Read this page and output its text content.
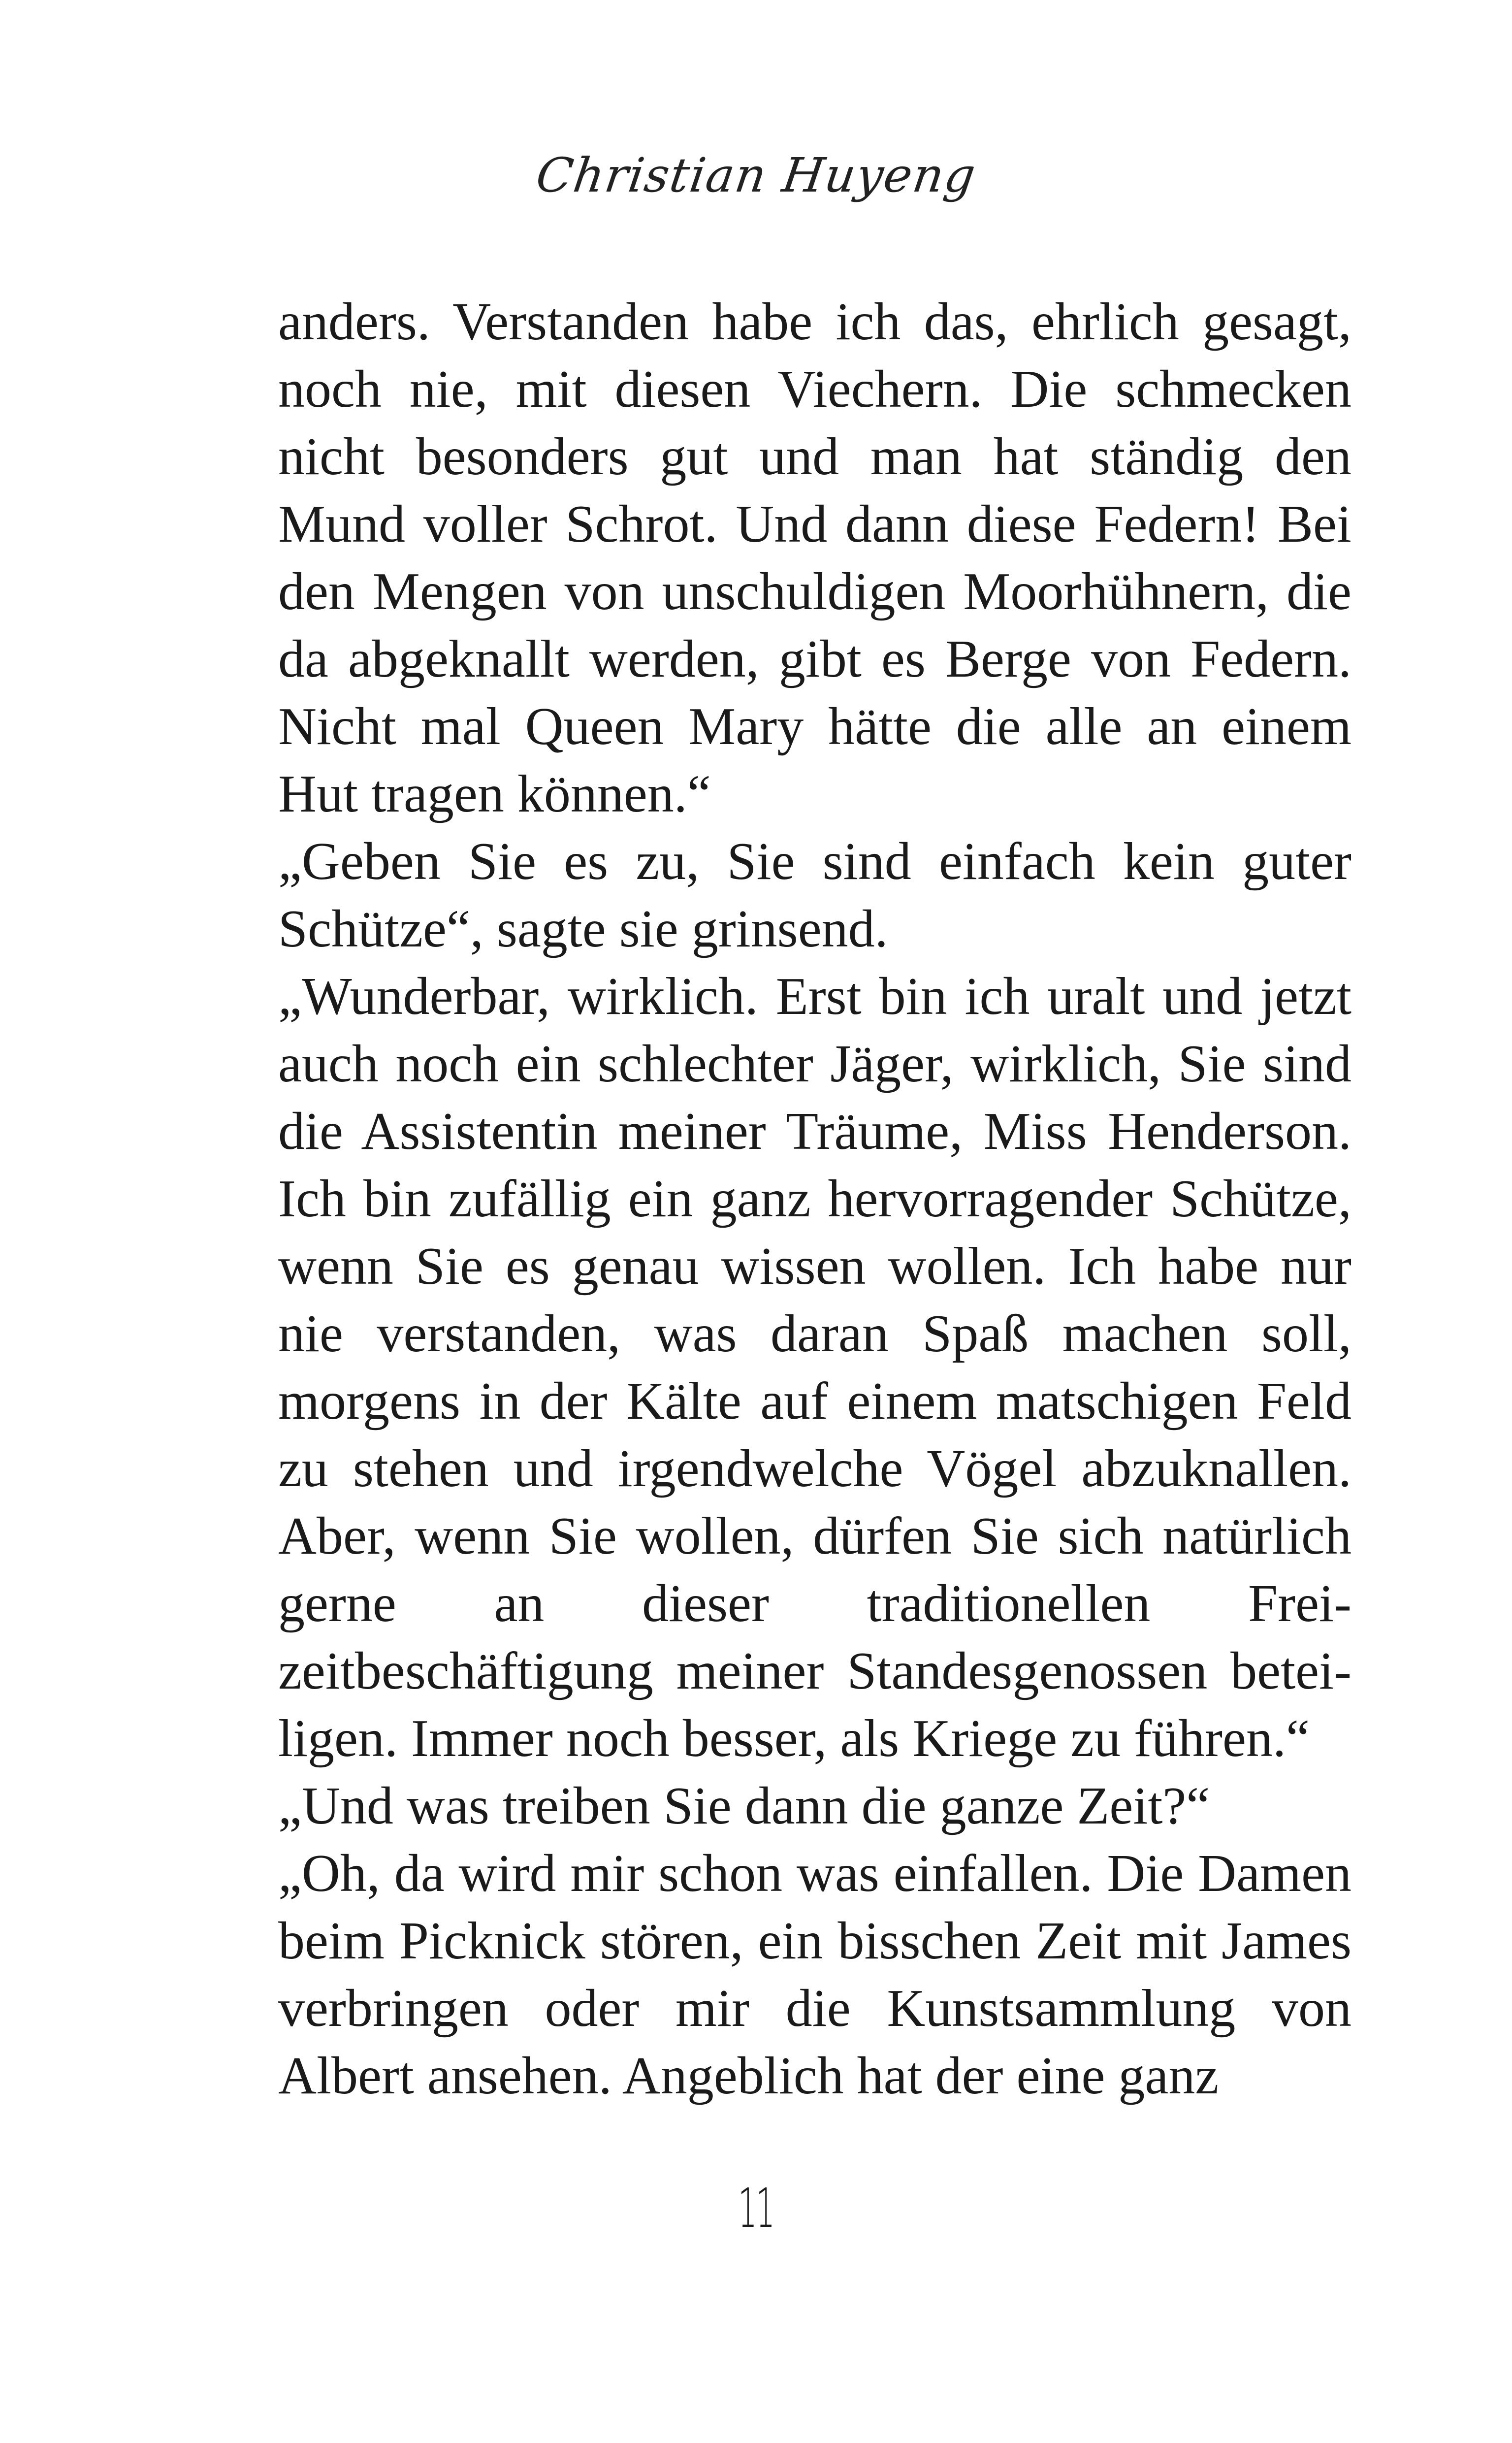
Christian Huyeng

anders. Verstanden habe ich das, ehrlich gesagt, noch nie, mit diesen Viechern. Die schmecken nicht besonders gut und man hat ständig den Mund voller Schrot. Und dann diese Federn! Bei den Mengen von unschuldigen Moorhühnern, die da abgeknallt werden, gibt es Berge von Federn. Nicht mal Queen Mary hätte die alle an einem Hut tragen können.“

„Geben Sie es zu, Sie sind einfach kein guter Schütze“, sagte sie grinsend.

„Wunderbar, wirklich. Erst bin ich uralt und jetzt auch noch ein schlechter Jäger, wirklich, Sie sind die Assistentin meiner Träume, Miss Henderson. Ich bin zufällig ein ganz hervorragender Schütze, wenn Sie es genau wissen wollen. Ich habe nur nie verstanden, was daran Spaß machen soll, morgens in der Kälte auf einem matschigen Feld zu stehen und irgendwelche Vögel abzuknallen. Aber, wenn Sie wollen, dürfen Sie sich natürlich gerne an dieser traditionellen Freizeitbeschäftigung meiner Standesgenossen beteiligen. Immer noch besser, als Kriege zu führen.“

„Und was treiben Sie dann die ganze Zeit?“

„Oh, da wird mir schon was einfallen. Die Damen beim Picknick stören, ein bisschen Zeit mit James verbringen oder mir die Kunstsammlung von Albert ansehen. Angeblich hat der eine ganz

11
